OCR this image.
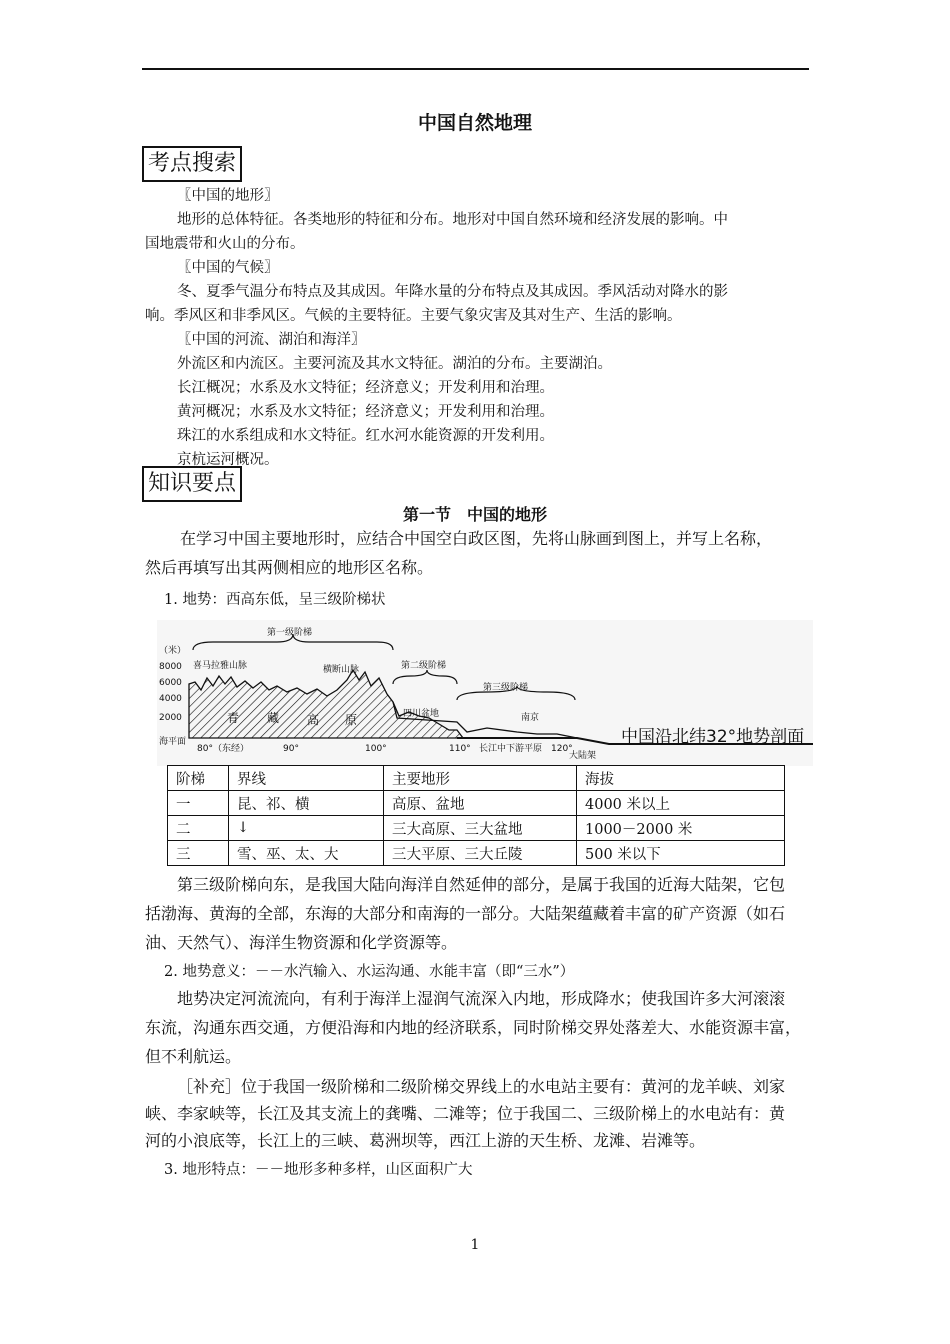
中国自然地理
考点搜索
〖中国的地形〗
地形的总体特征。各类地形的特征和分布。地形对中国自然环境和经济发展的影响。中
国地震带和火山的分布。
〖中国的气候〗
冬、夏季气温分布特点及其成因。年降水量的分布特点及其成因。季风活动对降水的影
响。季风区和非季风区。气候的主要特征。主要气象灾害及其对生产、生活的影响。
〖中国的河流、湖泊和海洋〗
外流区和内流区。主要河流及其水文特征。湖泊的分布。主要湖泊。
长江概况；水系及水文特征；经济意义；开发利用和治理。
黄河概况；水系及水文特征；经济意义；开发利用和治理。
珠江的水系组成和水文特征。红水河水能资源的开发利用。
京杭运河概况。
知识要点
第一节 中国的地形
在学习中国主要地形时，应结合中国空白政区图，先将山脉画到图上，并写上名称，
然后再填写出其两侧相应的地形区名称。
1. 地势：西高东低，呈三级阶梯状
第一级阶梯
第二级阶梯
第三级阶梯
（米）
8000
6000
4000
2000
海平面
80°（东经）	90°	100°	110°	120°
喜马拉雅山脉	横断山脉
四川盆地	南京
长江中下游平原
大陆架
青 藏 高 原
中国沿北纬32°地势剖面
阶梯	界线	主要地形	海拔
一	昆、祁、横	高原、盆地	4000 米以上
二	↓	三大高原、三大盆地	1000－2000 米
三	雪、巫、太、大	三大平原、三大丘陵	500 米以下
第三级阶梯向东，是我国大陆向海洋自然延伸的部分，是属于我国的近海大陆架，它包
括渤海、黄海的全部，东海的大部分和南海的一部分。大陆架蕴藏着丰富的矿产资源（如石
油、天然气）、海洋生物资源和化学资源等。
2. 地势意义：－－水汽输入、水运沟通、水能丰富（即“三水”）
地势决定河流流向，有利于海洋上湿润气流深入内地，形成降水；使我国许多大河滚滚
东流，沟通东西交通，方便沿海和内地的经济联系，同时阶梯交界处落差大、水能资源丰富，
但不利航运。
［补充］位于我国一级阶梯和二级阶梯交界线上的水电站主要有：黄河的龙羊峡、刘家
峡、李家峡等，长江及其支流上的龚嘴、二滩等；位于我国二、三级阶梯上的水电站有：黄
河的小浪底等，长江上的三峡、葛洲坝等，西江上游的天生桥、龙滩、岩滩等。
3. 地形特点：－－地形多种多样，山区面积广大
1
